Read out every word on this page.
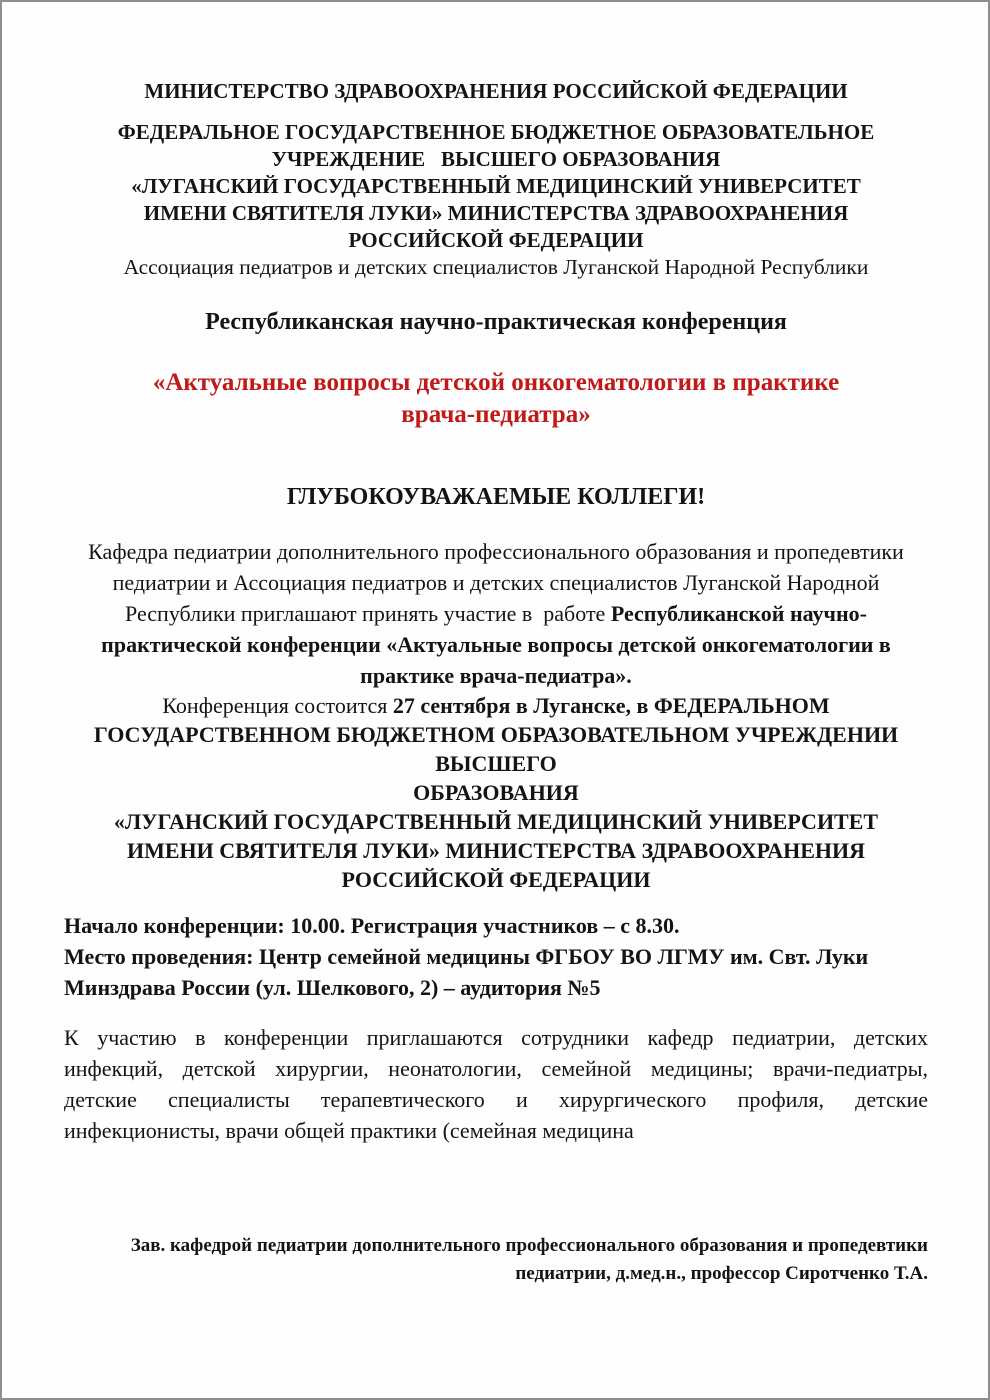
МИНИСТЕРСТВО ЗДРАВООХРАНЕНИЯ РОССИЙСКОЙ ФЕДЕРАЦИИ
ФЕДЕРАЛЬНОЕ ГОСУДАРСТВЕННОЕ БЮДЖЕТНОЕ ОБРАЗОВАТЕЛЬНОЕ
УЧРЕЖДЕНИЕ   ВЫСШЕГО ОБРАЗОВАНИЯ
«ЛУГАНСКИЙ ГОСУДАРСТВЕННЫЙ МЕДИЦИНСКИЙ УНИВЕРСИТЕТ
ИМЕНИ СВЯТИТЕЛЯ ЛУКИ» МИНИСТЕРСТВА ЗДРАВООХРАНЕНИЯ
РОССИЙСКОЙ ФЕДЕРАЦИИ
Ассоциация педиатров и детских специалистов Луганской Народной Республики
Республиканская научно-практическая конференция
«Актуальные вопросы детской онкогематологии в практике
врача-педиатра»
ГЛУБОКОУВАЖАЕМЫЕ КОЛЛЕГИ!
Кафедра педиатрии дополнительного профессионального образования и пропедевтики
педиатрии и Ассоциация педиатров и детских специалистов Луганской Народной
Республики приглашают принять участие в  работе Республиканской научно-
практической конференции «Актуальные вопросы детской онкогематологии в
практике врача-педиатра».
Конференция состоится 27 сентября в Луганске, в ФЕДЕРАЛЬНОМ
ГОСУДАРСТВЕННОМ БЮДЖЕТНОМ ОБРАЗОВАТЕЛЬНОМ УЧРЕЖДЕНИИ ВЫСШЕГО
ОБРАЗОВАНИЯ
«ЛУГАНСКИЙ ГОСУДАРСТВЕННЫЙ МЕДИЦИНСКИЙ УНИВЕРСИТЕТ
ИМЕНИ СВЯТИТЕЛЯ ЛУКИ» МИНИСТЕРСТВА ЗДРАВООХРАНЕНИЯ
РОССИЙСКОЙ ФЕДЕРАЦИИ
Начало конференции: 10.00. Регистрация участников – с 8.30.
Место проведения: Центр семейной медицины ФГБОУ ВО ЛГМУ им. Свт. Луки
Минздрава России (ул. Шелкового, 2) – аудитория №5
К участию в конференции приглашаются сотрудники кафедр педиатрии, детских
инфекций, детской хирургии, неонатологии, семейной медицины; врачи-педиатры,
детские специалисты терапевтического и хирургического профиля, детские
инфекционисты, врачи общей практики (семейная медицина
Зав. кафедрой педиатрии дополнительного профессионального образования и пропедевтики
педиатрии, д.мед.н., профессор Сиротченко Т.А.
